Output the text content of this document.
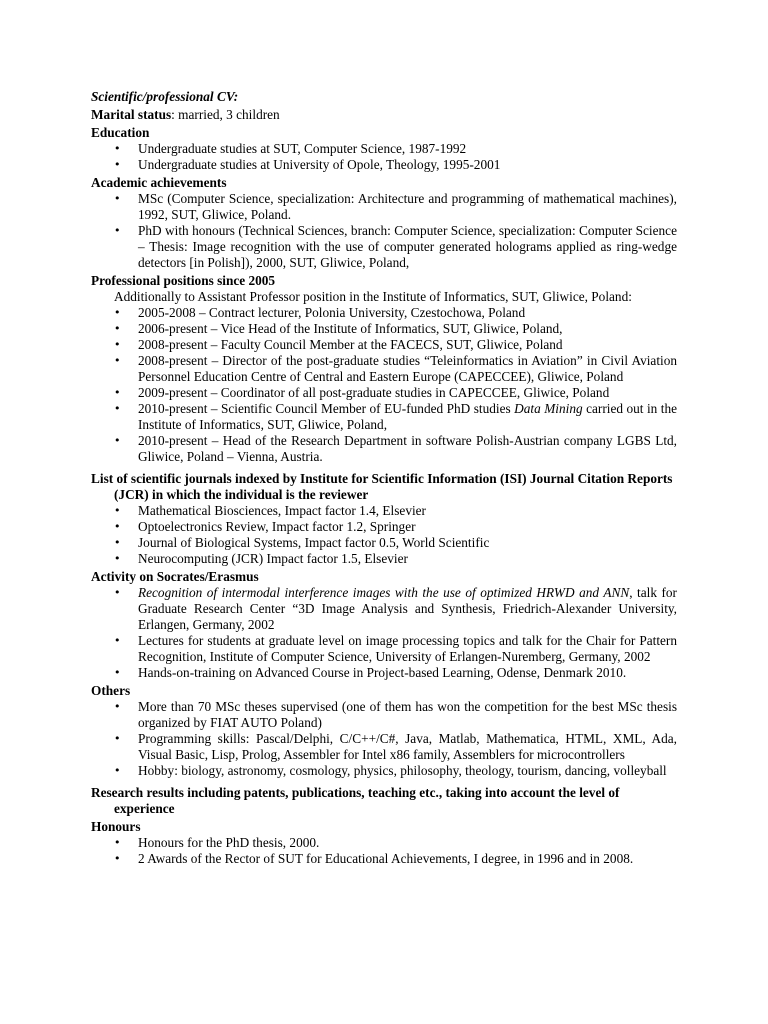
Scientific/professional CV:
Marital status: married, 3 children
Education
• Undergraduate studies at SUT, Computer Science, 1987-1992
• Undergraduate studies at University of Opole, Theology, 1995-2001
Academic achievements
• MSc (Computer Science, specialization: Architecture and programming of mathematical machines), 1992, SUT, Gliwice, Poland.
• PhD with honours (Technical Sciences, branch: Computer Science, specialization: Computer Science – Thesis: Image recognition with the use of computer generated holograms applied as ring-wedge detectors [in Polish]), 2000, SUT, Gliwice, Poland,
Professional positions since 2005
Additionally to Assistant Professor position in the Institute of Informatics, SUT, Gliwice, Poland:
• 2005-2008 – Contract lecturer, Polonia University, Czestochowa, Poland
• 2006-present – Vice Head of the Institute of Informatics, SUT, Gliwice, Poland,
• 2008-present – Faculty Council Member at the FACECS, SUT, Gliwice, Poland
• 2008-present – Director of the post-graduate studies “Teleinformatics in Aviation” in Civil Aviation Personnel Education Centre of Central and Eastern Europe (CAPECCEE), Gliwice, Poland
• 2009-present – Coordinator of all post-graduate studies in CAPECCEE, Gliwice, Poland
• 2010-present – Scientific Council Member of EU-funded PhD studies Data Mining carried out in the Institute of Informatics, SUT, Gliwice, Poland,
• 2010-present – Head of the Research Department in software Polish-Austrian company LGBS Ltd, Gliwice, Poland – Vienna, Austria.
List of scientific journals indexed by Institute for Scientific Information (ISI) Journal Citation Reports (JCR) in which the individual is the reviewer
• Mathematical Biosciences, Impact factor 1.4, Elsevier
• Optoelectronics Review, Impact factor 1.2, Springer
• Journal of Biological Systems, Impact factor 0.5, World Scientific
• Neurocomputing (JCR) Impact factor 1.5, Elsevier
Activity on Socrates/Erasmus
• Recognition of intermodal interference images with the use of optimized HRWD and ANN, talk for Graduate Research Center “3D Image Analysis and Synthesis, Friedrich-Alexander University, Erlangen, Germany, 2002
• Lectures for students at graduate level on image processing topics and talk for the Chair for Pattern Recognition, Institute of Computer Science, University of Erlangen-Nuremberg, Germany, 2002
• Hands-on-training on Advanced Course in Project-based Learning, Odense, Denmark 2010.
Others
• More than 70 MSc theses supervised (one of them has won the competition for the best MSc thesis organized by FIAT AUTO Poland)
• Programming skills: Pascal/Delphi, C/C++/C#, Java, Matlab, Mathematica, HTML, XML, Ada, Visual Basic, Lisp, Prolog, Assembler for Intel x86 family, Assemblers for microcontrollers
• Hobby: biology, astronomy, cosmology, physics, philosophy, theology, tourism, dancing, volleyball
Research results including patents, publications, teaching etc., taking into account the level of experience
Honours
• Honours for the PhD thesis, 2000.
• 2 Awards of the Rector of SUT for Educational Achievements, I degree, in 1996 and in 2008.
